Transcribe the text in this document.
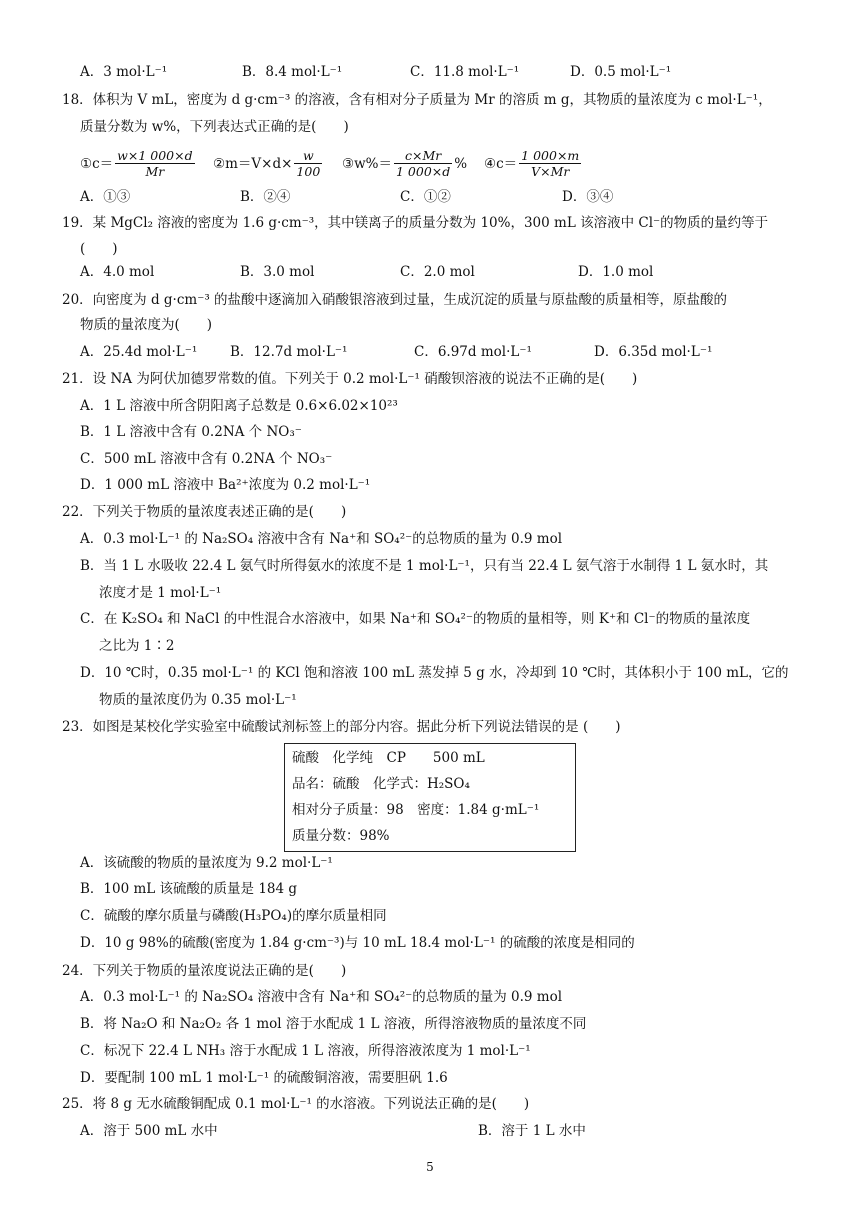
A．3 mol·L⁻¹	B．8.4 mol·L⁻¹	C．11.8 mol·L⁻¹	D．0.5 mol·L⁻¹
18．体积为 V mL，密度为 d g·cm⁻³ 的溶液，含有相对分子质量为 Mr 的溶质 m g，其物质的量浓度为 c mol·L⁻¹，
质量分数为 w%，下列表达式正确的是(　　)
①c＝ $\frac{w\times 1 000\times d}{Mr}$ ②m＝V×d× $\frac{w}{100}$ ③w%＝ $\frac{c\times Mr}{1 000\times d}$ % ④c＝ $\frac{1 000\times m}{V\times Mr}$
A．①③	B．②④	C．①②	D．③④
19．某 MgCl₂ 溶液的密度为 1.6 g·cm⁻³，其中镁离子的质量分数为 10%，300 mL 该溶液中 Cl⁻的物质的量约等于
(　　)
A．4.0 mol	B．3.0 mol	C．2.0 mol	D．1.0 mol
20．向密度为 d g·cm⁻³ 的盐酸中逐滴加入硝酸银溶液到过量，生成沉淀的质量与原盐酸的质量相等，原盐酸的
物质的量浓度为(　　)
A．25.4d mol·L⁻¹ B．12.7d mol·L⁻¹	C．6.97d mol·L⁻¹	D．6.35d mol·L⁻¹
21．设 NA 为阿伏加德罗常数的值。下列关于 0.2 mol·L⁻¹ 硝酸钡溶液的说法不正确的是(　　)
A．1 L 溶液中所含阴阳离子总数是 0.6×6.02×10²³
B．1 L 溶液中含有 0.2NA 个 NO₃⁻
C．500 mL 溶液中含有 0.2NA 个 NO₃⁻
D．1 000 mL 溶液中 Ba²⁺浓度为 0.2 mol·L⁻¹
22．下列关于物质的量浓度表述正确的是(　　)
A．0.3 mol·L⁻¹ 的 Na₂SO₄ 溶液中含有 Na⁺和 SO₄²⁻的总物质的量为 0.9 mol
B．当 1 L 水吸收 22.4 L 氨气时所得氨水的浓度不是 1 mol·L⁻¹，只有当 22.4 L 氨气溶于水制得 1 L 氨水时，其
浓度才是 1 mol·L⁻¹
C．在 K₂SO₄ 和 NaCl 的中性混合水溶液中，如果 Na⁺和 SO₄²⁻的物质的量相等，则 K⁺和 Cl⁻的物质的量浓度
之比为 1∶2
D．10 ℃时，0.35 mol·L⁻¹ 的 KCl 饱和溶液 100 mL 蒸发掉 5 g 水，冷却到 10 ℃时，其体积小于 100 mL，它的
物质的量浓度仍为 0.35 mol·L⁻¹
23．如图是某校化学实验室中硫酸试剂标签上的部分内容。据此分析下列说法错误的是 (　　)
硫酸　化学纯　CP　　500 mL
品名：硫酸　化学式：H₂SO₄
相对分子质量：98　密度：1.84 g·mL⁻¹
质量分数：98%
A．该硫酸的物质的量浓度为 9.2 mol·L⁻¹
B．100 mL 该硫酸的质量是 184 g
C．硫酸的摩尔质量与磷酸(H₃PO₄)的摩尔质量相同
D．10 g 98%的硫酸(密度为 1.84 g·cm⁻³)与 10 mL 18.4 mol·L⁻¹ 的硫酸的浓度是相同的
24．下列关于物质的量浓度说法正确的是(　　)
A．0.3 mol·L⁻¹ 的 Na₂SO₄ 溶液中含有 Na⁺和 SO₄²⁻的总物质的量为 0.9 mol
B．将 Na₂O 和 Na₂O₂ 各 1 mol 溶于水配成 1 L 溶液，所得溶液物质的量浓度不同
C．标况下 22.4 L NH₃ 溶于水配成 1 L 溶液，所得溶液浓度为 1 mol·L⁻¹
D．要配制 100 mL 1 mol·L⁻¹ 的硫酸铜溶液，需要胆矾 1.6
25．将 8 g 无水硫酸铜配成 0.1 mol·L⁻¹ 的水溶液。下列说法正确的是(　　)
A．溶于 500 mL 水中	B．溶于 1 L 水中
5
